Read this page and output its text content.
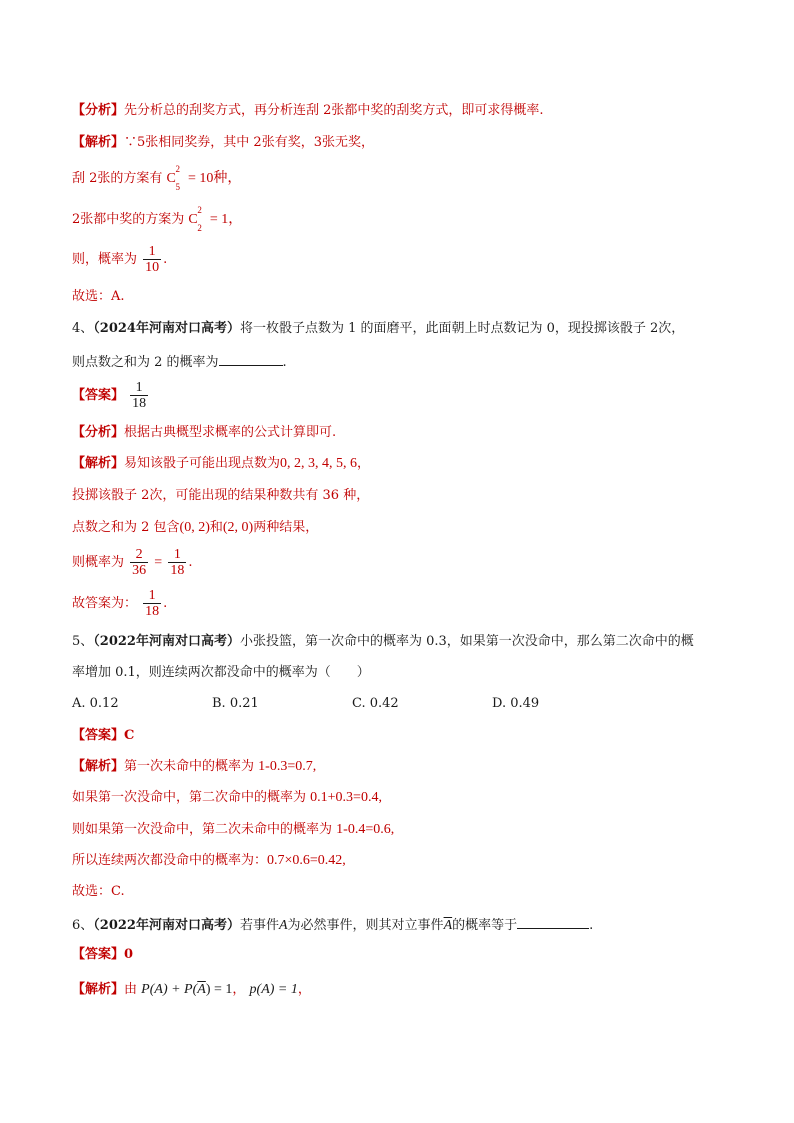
【分析】先分析总的刮奖方式，再分析连刮 2张都中奖的刮奖方式，即可求得概率.
【解析】∵5张相同奖券，其中 2张有奖，3张无奖，
刮 2张的方案有 C
2
5
= 10种，
2张都中奖的方案为 C
2
2
= 1，
则，概率为 $\frac{1}{10}$ .
故选：A.
4、（2024年河南对口高考）将一枚骰子点数为 1 的面磨平，此面朝上时点数记为 0，现投掷该骰子 2次，
则点数之和为 2 的概率为	.
【答案】 $\frac{1}{18}$
【分析】根据古典概型求概率的公式计算即可.
【解析】易知该骰子可能出现点数为0, 2, 3, 4, 5, 6，
投掷该骰子 2次，可能出现的结果种数共有 36 种，
点数之和为 2 包含(0, 2)和(2, 0)两种结果，
则概率为 $\frac{2}{36} = \frac{1}{18}$ .
故答案为： $\frac{1}{18}$ .
5、（2022年河南对口高考）小张投篮，第一次命中的概率为 0.3，如果第一次没命中，那么第二次命中的概
率增加 0.1，则连续两次都没命中的概率为（　　）
A. 0.12	B. 0.21	C. 0.42	D. 0.49
【答案】C
【解析】第一次未命中的概率为 1-0.3=0.7,
如果第一次没命中，第二次命中的概率为 0.1+0.3=0.4,
则如果第一次没命中，第二次未命中的概率为 1-0.4=0.6,
所以连续两次都没命中的概率为：0.7×0.6=0.42,
故选：C.
6、（2022年河南对口高考）若事件A为必然事件，则其对立事件$\overline{A}$的概率等于	.
【答案】0
【解析】由 $P(A) + P(\overline{A}) = 1$， p(A) = 1，
